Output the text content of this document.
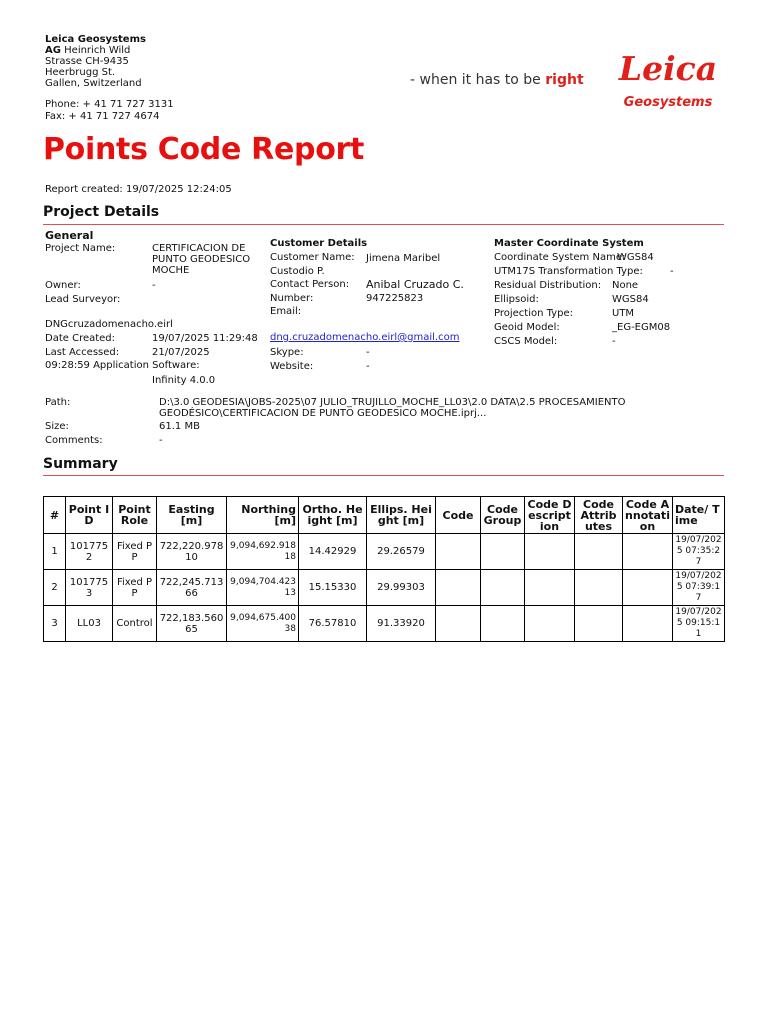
Leica Geosystems
AG Heinrich Wild
Strasse CH-9435
Heerbrugg St.
Gallen, Switzerland
Phone: + 41 71 727 3131
Fax: + 41 71 727 4674
- when it has to be right Leica
Geosystems
Points Code Report
Report created: 19/07/2025 12:24:05
Project Details
General
Project Name:	CERTIFICACION DE PUNTO GEODESICO MOCHE
Owner:	-
Lead Surveyor:
DNGcruzadomenacho.eirl
Date Created:	19/07/2025 11:29:48
Last Accessed:	21/07/2025
09:28:59 Application Software:
Infinity 4.0.0
Customer Details
Customer Name:	Jimena Maribel Custodio P.
Contact Person: Anibal Cruzado C.
Number:	947225823
Email:
dng.cruzadomenacho.eirl@gmail.com
Skype:	-
Website:	-
Master Coordinate System
Coordinate System Name:
WGS84
UTM17S Transformation Type:	-
Residual Distribution: None
Ellipsoid:	WGS84
Projection Type:	UTM
Geoid Model:	_EG-EGM08
CSCS Model:	-
Path:	D:\3.0 GEODESIA\JOBS-2025\07 JULIO_TRUJILLO_MOCHE_LL03\2.0 DATA\2.5 PROCESAMIENTO GEODÉSICO\CERTIFICACION DE PUNTO GEODESICO MOCHE.iprj...
Size:	61.1 MB
Comments:	-
Summary
#	Point ID	Point Role	Easting [m]	Northing [m]	Ortho. Height [m]	Ellips. Height [m]	Code	Code Group	Code Description	Code Attributes	Code Annotation	Date/ Time
1	1017752	Fixed PP	722,220.97810	9,094,692.91818	14.42929	29.26579						19/07/2025 07:35:27
2	1017753	Fixed PP	722,245.71366	9,094,704.42313	15.15330	29.99303						19/07/2025 07:39:17
3	LL03	Control	722,183.56065	9,094,675.40038	76.57810	91.33920						19/07/2025 09:15:11
